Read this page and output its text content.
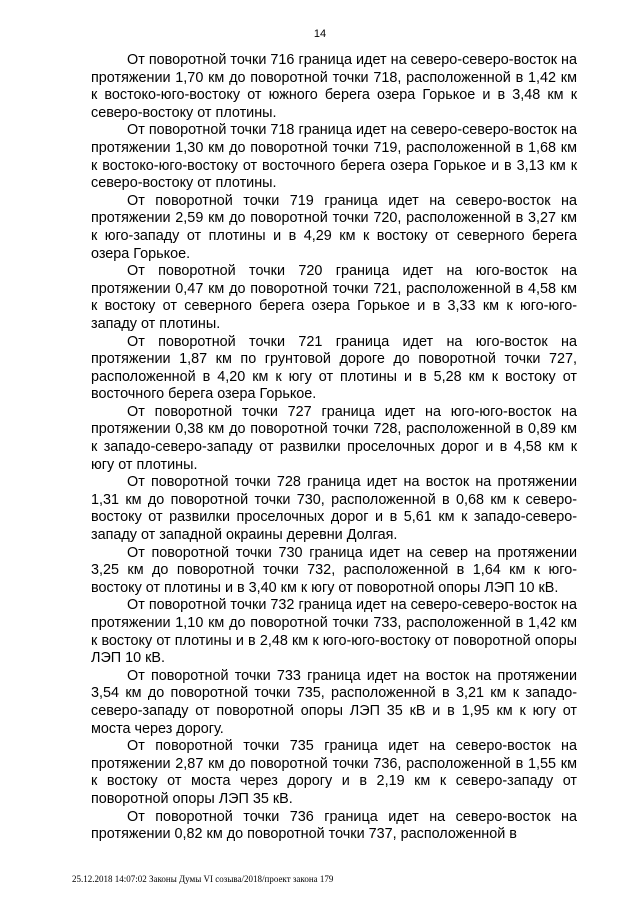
14

От поворотной точки 716 граница идет на северо-северо-восток на протяжении 1,70 км до поворотной точки 718, расположенной в 1,42 км к востоко-юго-востоку от южного берега озера Горькое и в 3,48 км к северо-востоку от плотины.

От поворотной точки 718 граница идет на северо-северо-восток на протяжении 1,30 км до поворотной точки 719, расположенной в 1,68 км к востоко-юго-востоку от восточного берега озера Горькое и в 3,13 км к северо-востоку от плотины.

От поворотной точки 719 граница идет на северо-восток на протяжении 2,59 км до поворотной точки 720, расположенной в 3,27 км к юго-западу от плотины и в 4,29 км к востоку от северного берега озера Горькое.

От поворотной точки 720 граница идет на юго-восток на протяжении 0,47 км до поворотной точки 721, расположенной в 4,58 км к востоку от северного берега озера Горькое и в 3,33 км к юго-юго-западу от плотины.

От поворотной точки 721 граница идет на юго-восток на протяжении 1,87 км по грунтовой дороге до поворотной точки 727, расположенной в 4,20 км к югу от плотины и в 5,28 км к востоку от восточного берега озера Горькое.

От поворотной точки 727 граница идет на юго-юго-восток на протяжении 0,38 км до поворотной точки 728, расположенной в 0,89 км к западо-северо-западу от развилки проселочных дорог и в 4,58 км к югу от плотины.

От поворотной точки 728 граница идет на восток на протяжении 1,31 км до поворотной точки 730, расположенной в 0,68 км к северо-востоку от развилки проселочных дорог и в 5,61 км к западо-северо-западу от западной окраины деревни Долгая.

От поворотной точки 730 граница идет на север на протяжении 3,25 км до поворотной точки 732, расположенной в 1,64 км к юго-востоку от плотины и в 3,40 км к югу от поворотной опоры ЛЭП 10 кВ.

От поворотной точки 732 граница идет на северо-северо-восток на протяжении 1,10 км до поворотной точки 733, расположенной в 1,42 км к востоку от плотины и в 2,48 км к юго-юго-востоку от поворотной опоры ЛЭП 10 кВ.

От поворотной точки 733 граница идет на восток на протяжении 3,54 км до поворотной точки 735, расположенной в 3,21 км к западо-северо-западу от поворотной опоры ЛЭП 35 кВ и в 1,95 км к югу от моста через дорогу.

От поворотной точки 735 граница идет на северо-восток на протяжении 2,87 км до поворотной точки 736, расположенной в 1,55 км к востоку от моста через дорогу и в 2,19 км к северо-западу от поворотной опоры ЛЭП 35 кВ.

От поворотной точки 736 граница идет на северо-восток на протяжении 0,82 км до поворотной точки 737, расположенной в

25.12.2018 14:07:02 Законы Думы VI созыва/2018/проект закона 179
